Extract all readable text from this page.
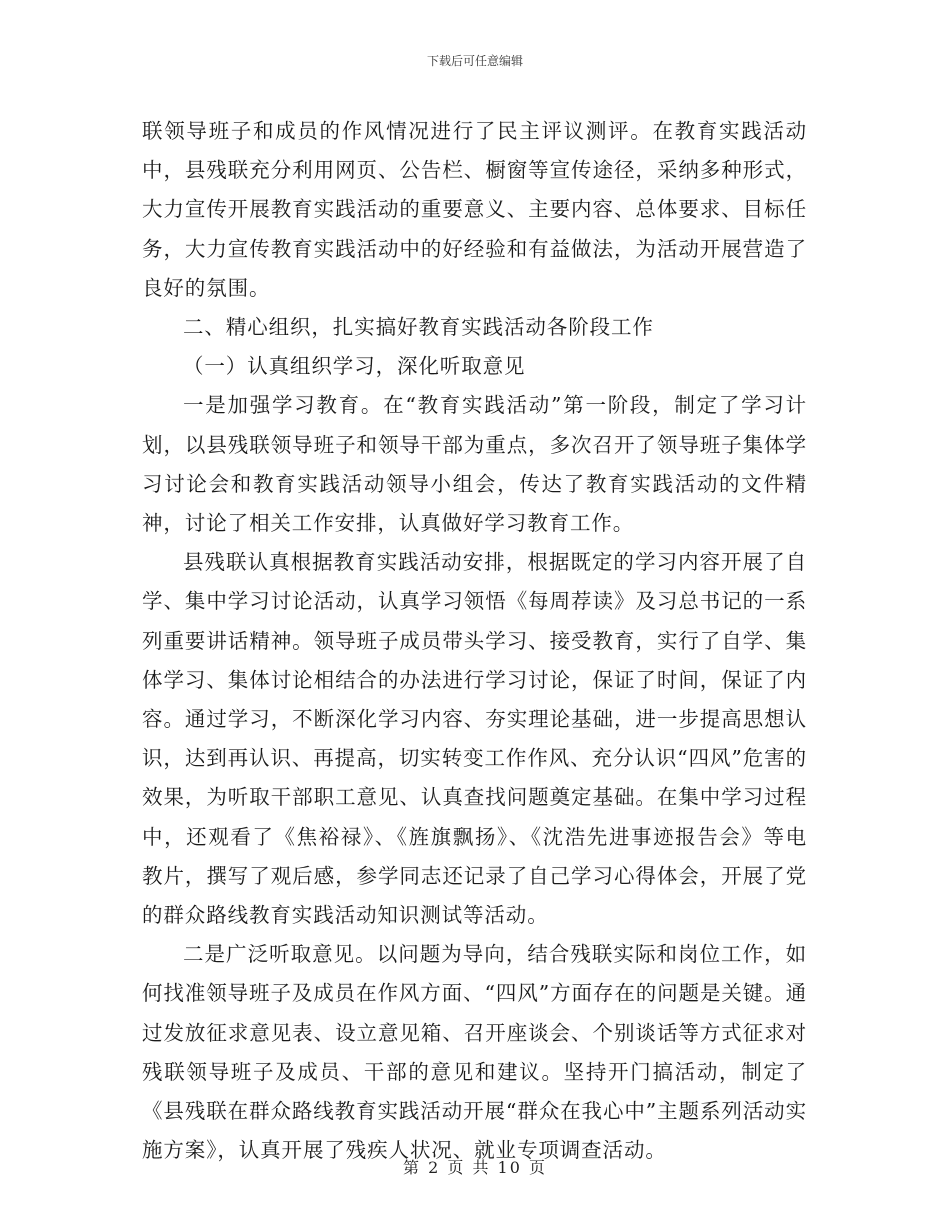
下载后可任意编辑

联领导班子和成员的作风情况进行了民主评议测评。在教育实践活动中，县残联充分利用网页、公告栏、橱窗等宣传途径，采纳多种形式，大力宣传开展教育实践活动的重要意义、主要内容、总体要求、目标任务，大力宣传教育实践活动中的好经验和有益做法，为活动开展营造了良好的氛围。

二、精心组织，扎实搞好教育实践活动各阶段工作

（一）认真组织学习，深化听取意见

一是加强学习教育。在“教育实践活动”第一阶段，制定了学习计划，以县残联领导班子和领导干部为重点，多次召开了领导班子集体学习讨论会和教育实践活动领导小组会，传达了教育实践活动的文件精神，讨论了相关工作安排，认真做好学习教育工作。

县残联认真根据教育实践活动安排，根据既定的学习内容开展了自学、集中学习讨论活动，认真学习领悟《每周荐读》及习总书记的一系列重要讲话精神。领导班子成员带头学习、接受教育，实行了自学、集体学习、集体讨论相结合的办法进行学习讨论，保证了时间，保证了内容。通过学习，不断深化学习内容、夯实理论基础，进一步提高思想认识，达到再认识、再提高，切实转变工作作风、充分认识“四风”危害的效果，为听取干部职工意见、认真查找问题奠定基础。在集中学习过程中，还观看了《焦裕禄》、《旌旗飘扬》、《沈浩先进事迹报告会》等电教片，撰写了观后感，参学同志还记录了自己学习心得体会，开展了党的群众路线教育实践活动知识测试等活动。

二是广泛听取意见。以问题为导向，结合残联实际和岗位工作，如何找准领导班子及成员在作风方面、“四风”方面存在的问题是关键。通过发放征求意见表、设立意见箱、召开座谈会、个别谈话等方式征求对残联领导班子及成员、干部的意见和建议。坚持开门搞活动，制定了《县残联在群众路线教育实践活动开展“群众在我心中”主题系列活动实施方案》，认真开展了残疾人状况、就业专项调查活动。

第 2 页 共 10 页
